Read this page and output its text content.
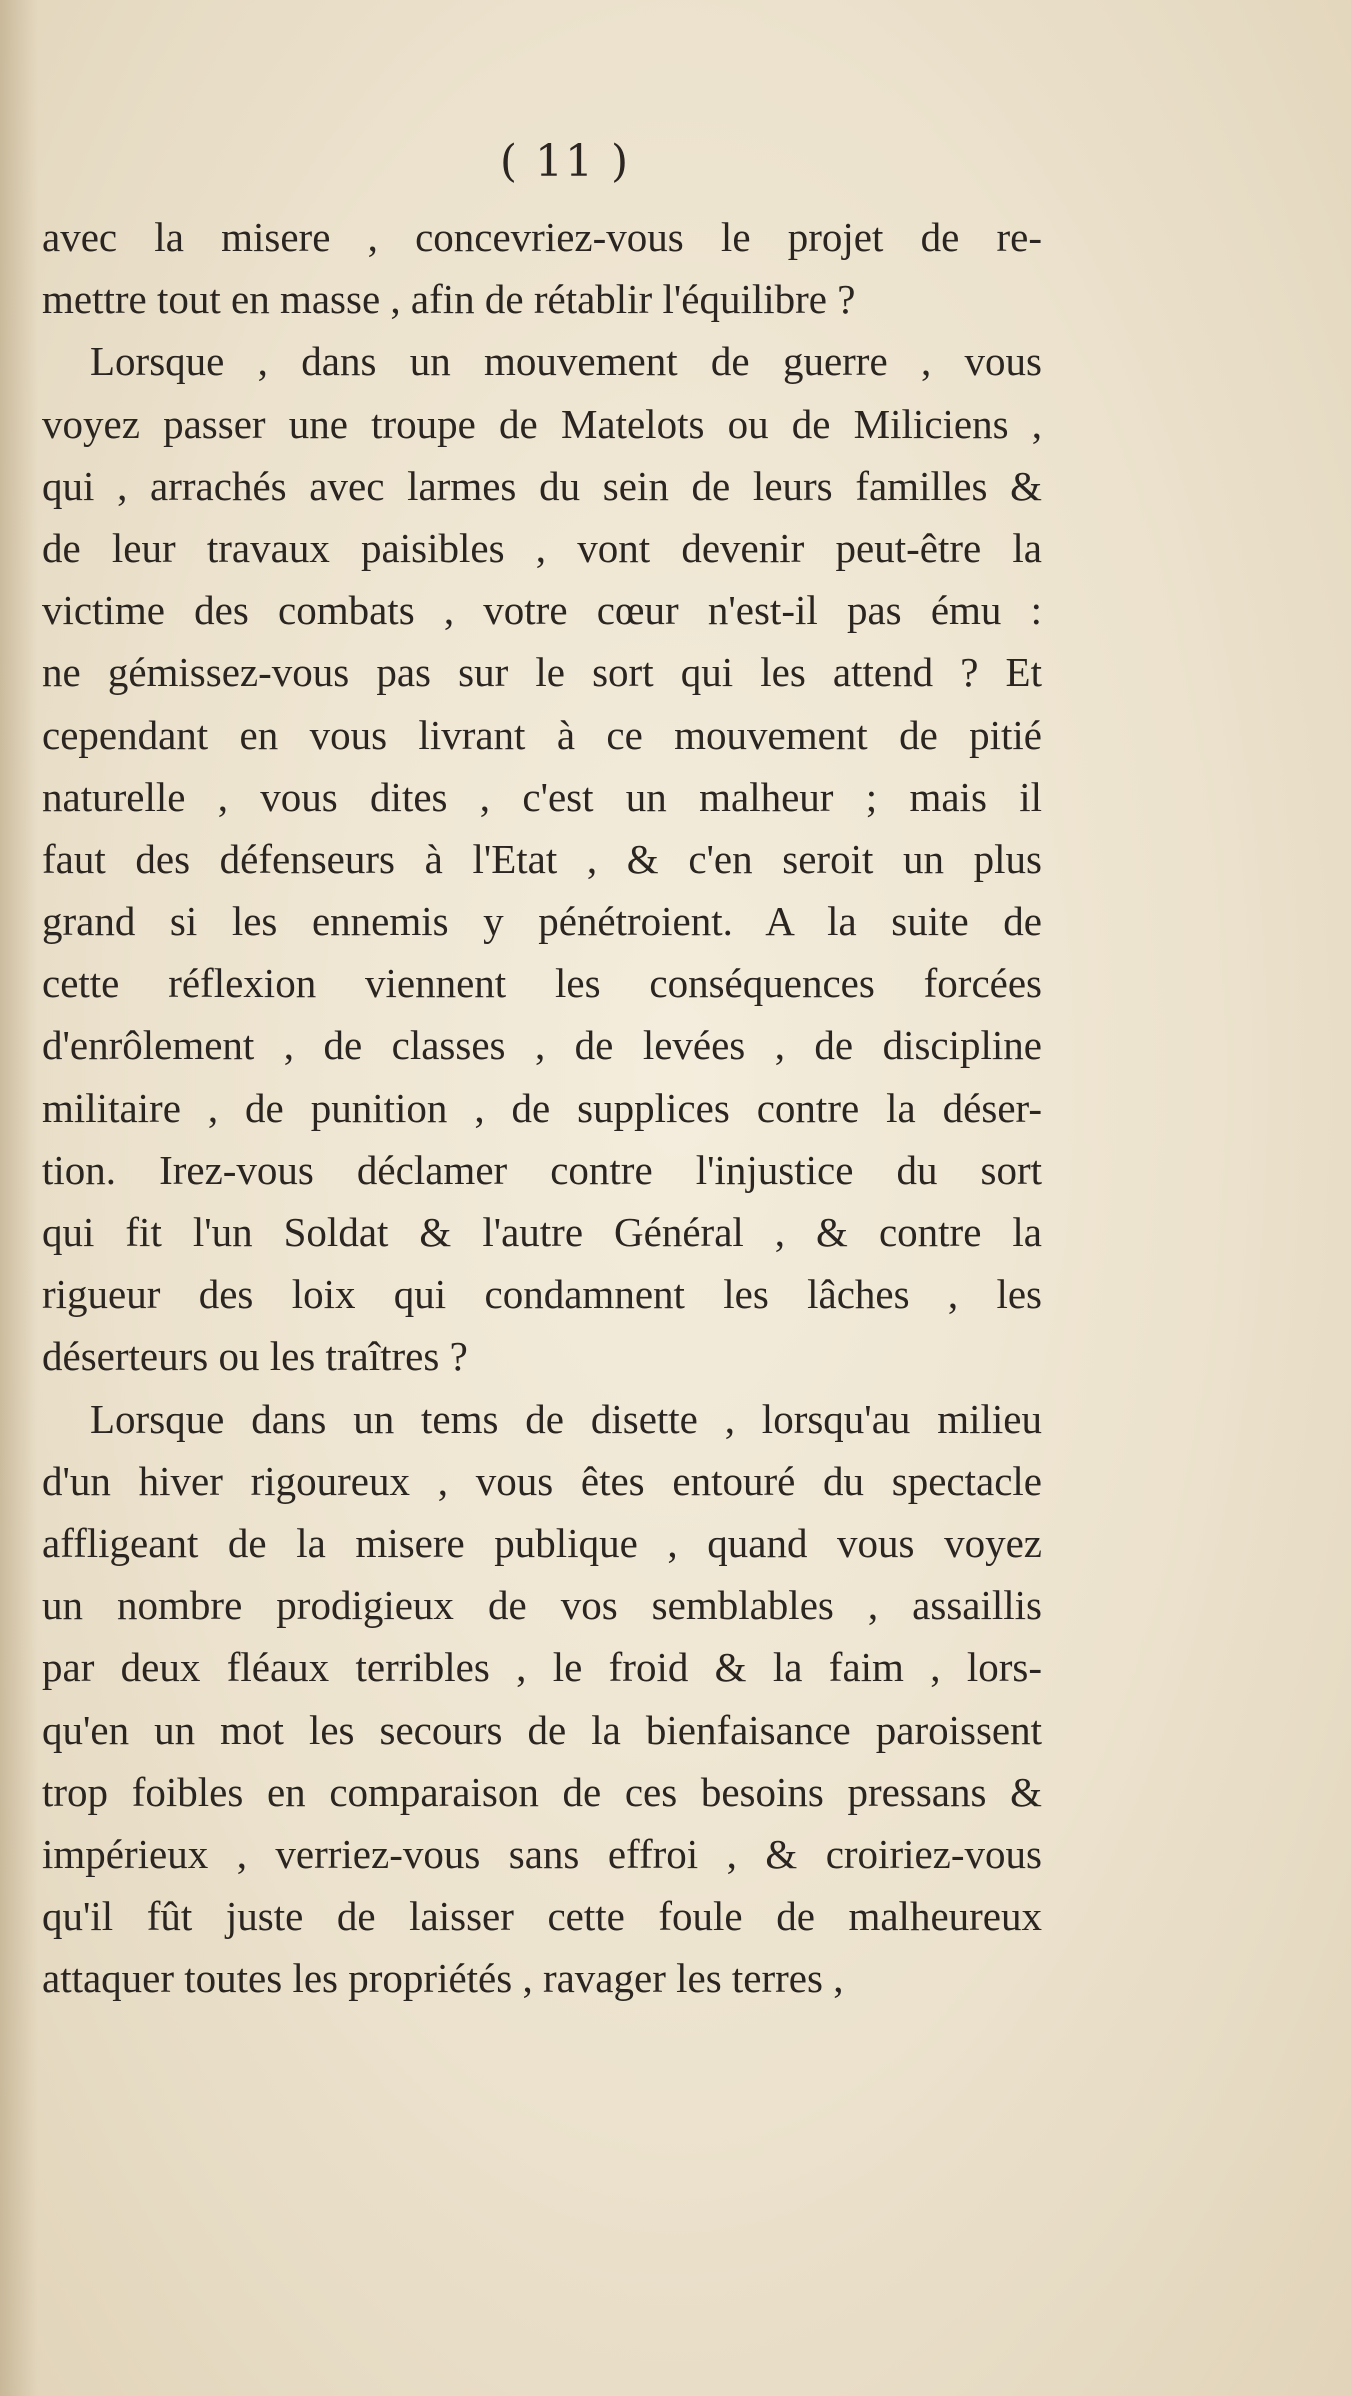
( 11 )
avec la misere , concevriez-vous le projet de re-
mettre tout en masse , afin de rétablir l'équilibre ?
Lorsque , dans un mouvement de guerre , vous
voyez passer une troupe de Matelots ou de Miliciens ,
qui , arrachés avec larmes du sein de leurs familles &
de leur travaux paisibles , vont devenir peut-être la
victime des combats , votre cœur n'est-il pas ému :
ne gémissez-vous pas sur le sort qui les attend ? Et
cependant en vous livrant à ce mouvement de pitié
naturelle , vous dites , c'est un malheur ; mais il
faut des défenseurs à l'Etat , & c'en seroit un plus
grand si les ennemis y pénétroient. A la suite de
cette réflexion viennent les conséquences forcées
d'enrôlement , de classes , de levées , de discipline
militaire , de punition , de supplices contre la déser-
tion. Irez-vous déclamer contre l'injustice du sort
qui fit l'un Soldat & l'autre Général , & contre la
rigueur des loix qui condamnent les lâches , les
déserteurs ou les traîtres ?
Lorsque dans un tems de disette , lorsqu'au milieu
d'un hiver rigoureux , vous êtes entouré du spectacle
affligeant de la misere publique , quand vous voyez
un nombre prodigieux de vos semblables , assaillis
par deux fléaux terribles , le froid & la faim , lors-
qu'en un mot les secours de la bienfaisance paroissent
trop foibles en comparaison de ces besoins pressans &
impérieux , verriez-vous sans effroi , & croiriez-vous
qu'il fût juste de laisser cette foule de malheureux
attaquer toutes les propriétés , ravager les terres ,
